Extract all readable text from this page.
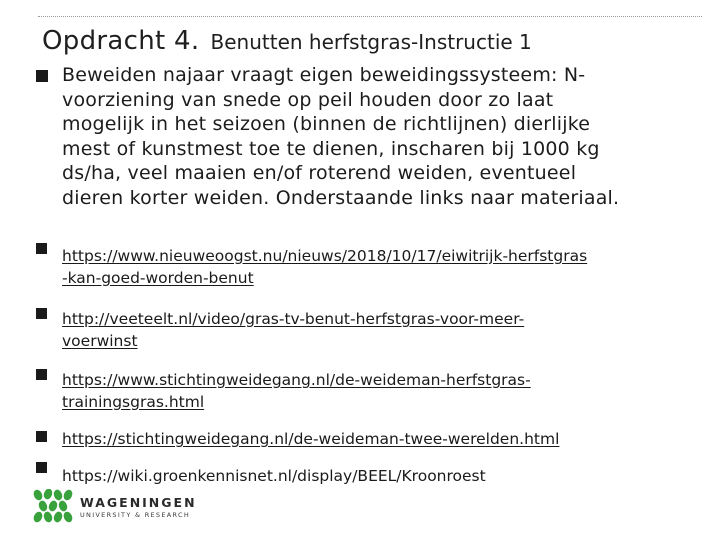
Opdracht 4. Benutten herfstgras-Instructie 1
Beweiden najaar vraagt eigen beweidingssysteem: N-
voorziening van snede op peil houden door zo laat
mogelijk in het seizoen (binnen de richtlijnen) dierlijke
mest of kunstmest toe te dienen, inscharen bij 1000 kg
ds/ha, veel maaien en/of roterend weiden, eventueel
dieren korter weiden. Onderstaande links naar materiaal.
https://www.nieuweoogst.nu/nieuws/2018/10/17/eiwitrijk-herfstgras
-kan-goed-worden-benut
http://veeteelt.nl/video/gras-tv-benut-herfstgras-voor-meer-
voerwinst
https://www.stichtingweidegang.nl/de-weideman-herfstgras-
trainingsgras.html
https://stichtingweidegang.nl/de-weideman-twee-werelden.html
https://wiki.groenkennisnet.nl/display/BEEL/Kroonroest
WAGENINGEN
UNIVERSITY & RESEARCH
